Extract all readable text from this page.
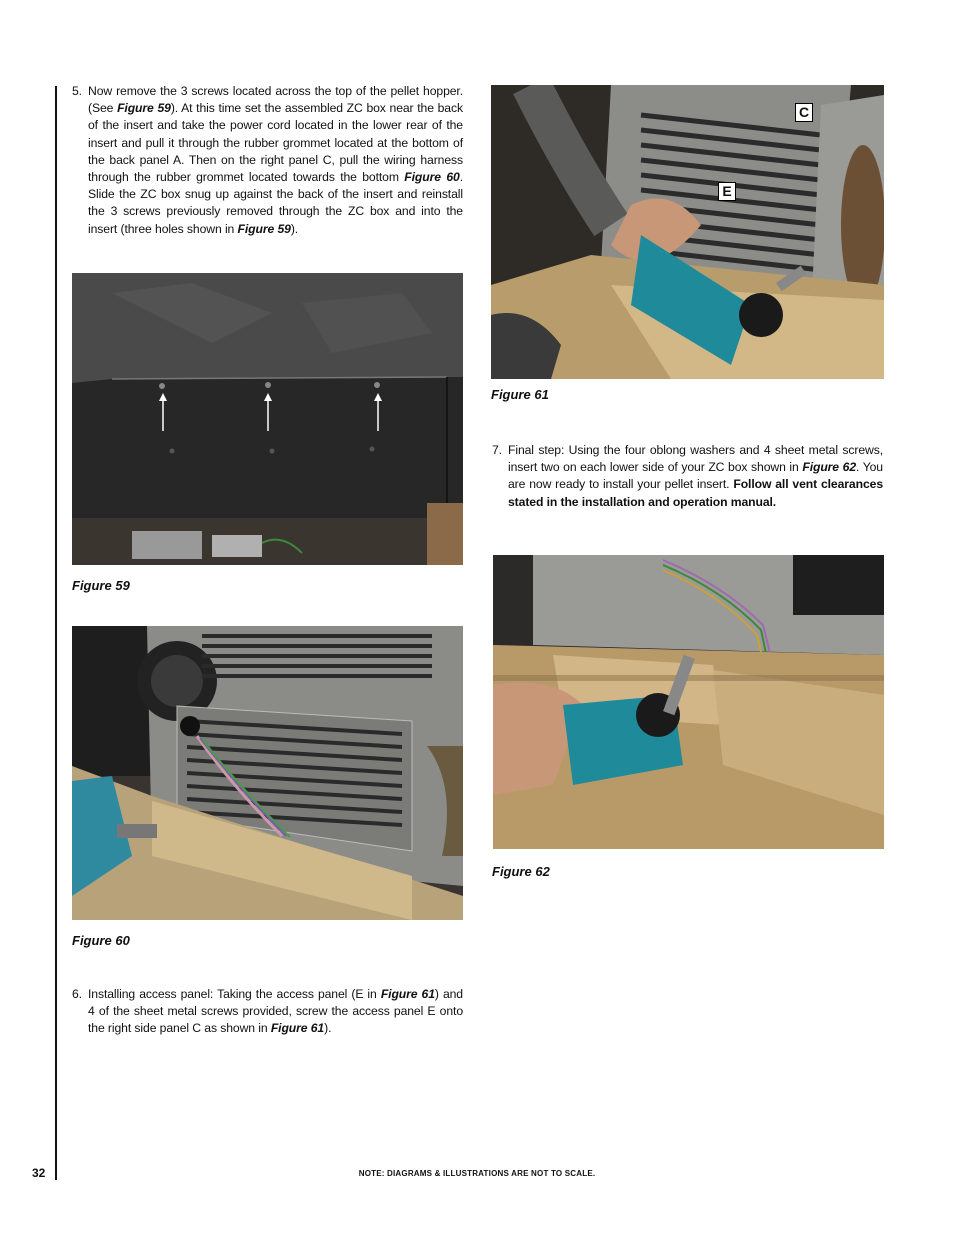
5. Now remove the 3 screws located across the top of the pellet hopper. (See Figure 59). At this time set the assembled ZC box near the back of the insert and take the power cord located in the lower rear of the insert and pull it through the rubber grommet located at the bottom of the back panel A. Then on the right panel C, pull the wiring harness through the rubber grommet located towards the bottom Figure 60. Slide the ZC box snug up against the back of the insert and reinstall the 3 screws previously removed through the ZC box and into the insert (three holes shown in Figure 59).
Figure 59
Figure 60
6. Installing access panel: Taking the access panel (E in Figure 61) and 4 of the sheet metal screws provided, screw the access panel E onto the right side panel C as shown in Figure 61).
C
E
Figure 61
7. Final step: Using the four oblong washers and 4 sheet metal screws, insert two on each lower side of your ZC box shown in Figure 62. You are now ready to install your pellet insert. Follow all vent clearances stated in the installation and operation manual.
Figure 62
32	NOTE: DIAGRAMS & ILLUSTRATIONS ARE NOT TO SCALE.
